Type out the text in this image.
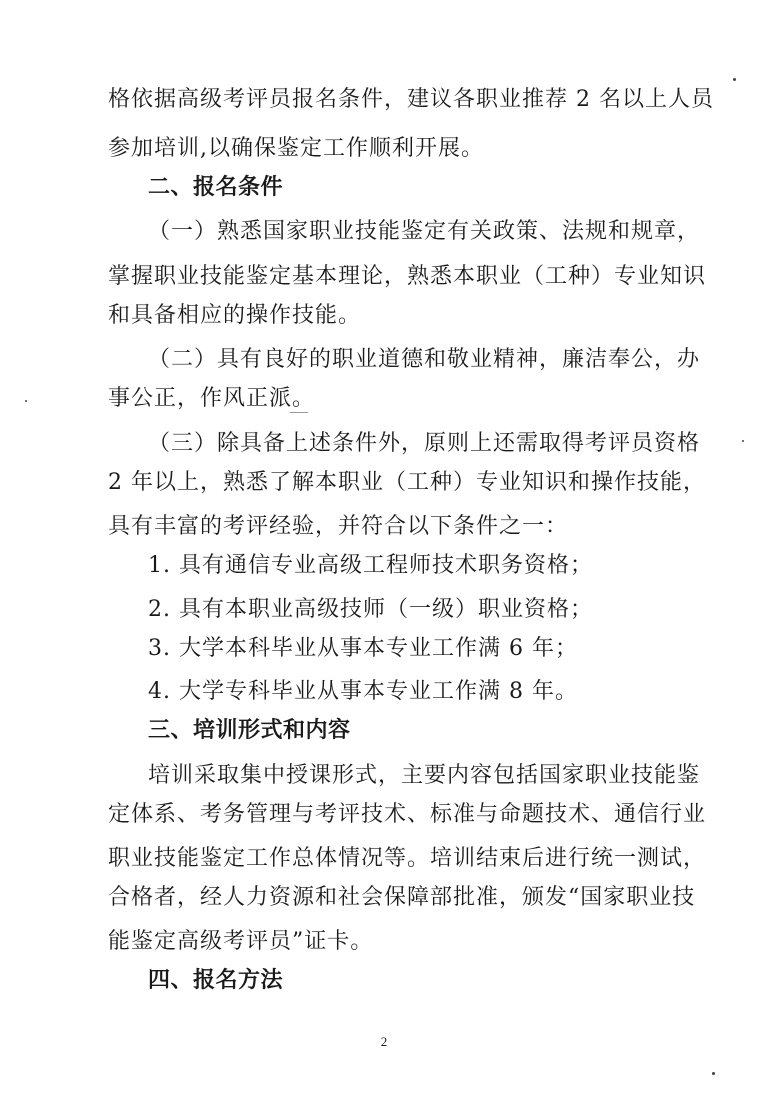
格依据高级考评员报名条件，建议各职业推荐 2 名以上人员
参加培训,以确保鉴定工作顺利开展。
二、报名条件
（一）熟悉国家职业技能鉴定有关政策、法规和规章，
掌握职业技能鉴定基本理论，熟悉本职业（工种）专业知识
和具备相应的操作技能。
（二）具有良好的职业道德和敬业精神，廉洁奉公，办
事公正，作风正派。
（三）除具备上述条件外，原则上还需取得考评员资格
2 年以上，熟悉了解本职业（工种）专业知识和操作技能，
具有丰富的考评经验，并符合以下条件之一：
1. 具有通信专业高级工程师技术职务资格；
2. 具有本职业高级技师（一级）职业资格；
3. 大学本科毕业从事本专业工作满 6 年；
4. 大学专科毕业从事本专业工作满 8 年。
三、培训形式和内容
培训采取集中授课形式，主要内容包括国家职业技能鉴
定体系、考务管理与考评技术、标准与命题技术、通信行业
职业技能鉴定工作总体情况等。培训结束后进行统一测试，
合格者，经人力资源和社会保障部批准，颁发“国家职业技
能鉴定高级考评员”证卡。
四、报名方法
2
